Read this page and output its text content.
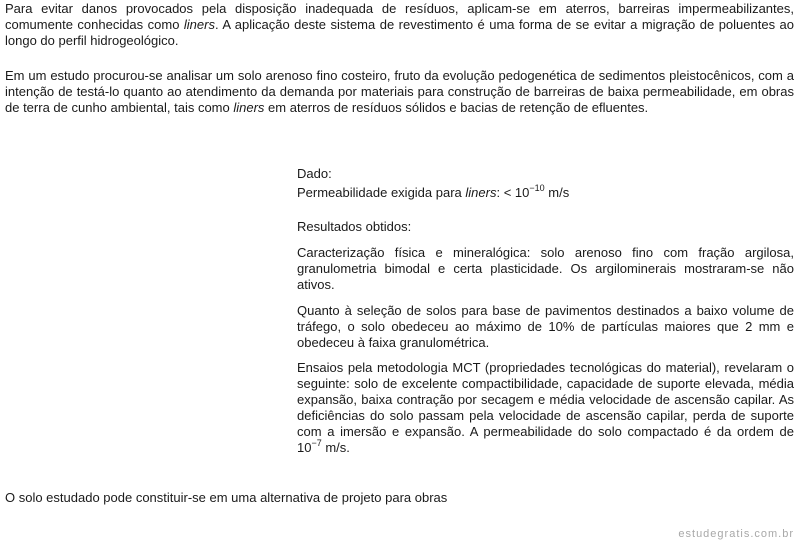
Para evitar danos provocados pela disposição inadequada de resíduos, aplicam-se em aterros, barreiras impermeabilizantes, comumente conhecidas como liners. A aplicação deste sistema de revestimento é uma forma de se evitar a migração de poluentes ao longo do perfil hidrogeológico.

Em um estudo procurou-se analisar um solo arenoso fino costeiro, fruto da evolução pedogenética de sedimentos pleistocênicos, com a intenção de testá-lo quanto ao atendimento da demanda por materiais para construção de barreiras de baixa permeabilidade, em obras de terra de cunho ambiental, tais como liners em aterros de resíduos sólidos e bacias de retenção de efluentes.

Dado:
Permeabilidade exigida para liners: < $10^{-10}$ m/s
Resultados obtidos:
Caracterização física e mineralógica: solo arenoso fino com fração argilosa, granulometria bimodal e certa plasticidade. Os argilominerais mostraram-se não ativos.
Quanto à seleção de solos para base de pavimentos destinados a baixo volume de tráfego, o solo obedeceu ao máximo de 10% de partículas maiores que 2 mm e obedeceu à faixa granulométrica.
Ensaios pela metodologia MCT (propriedades tecnológicas do material), revelaram o seguinte: solo de excelente compactibilidade, capacidade de suporte elevada, média expansão, baixa contração por secagem e média velocidade de ascensão capilar. As deficiências do solo passam pela velocidade de ascensão capilar, perda de suporte com a imersão e expansão. A permeabilidade do solo compactado é da ordem de $10^{-7}$ m/s.

O solo estudado pode constituir-se em uma alternativa de projeto para obras

estudegratis.com.br
